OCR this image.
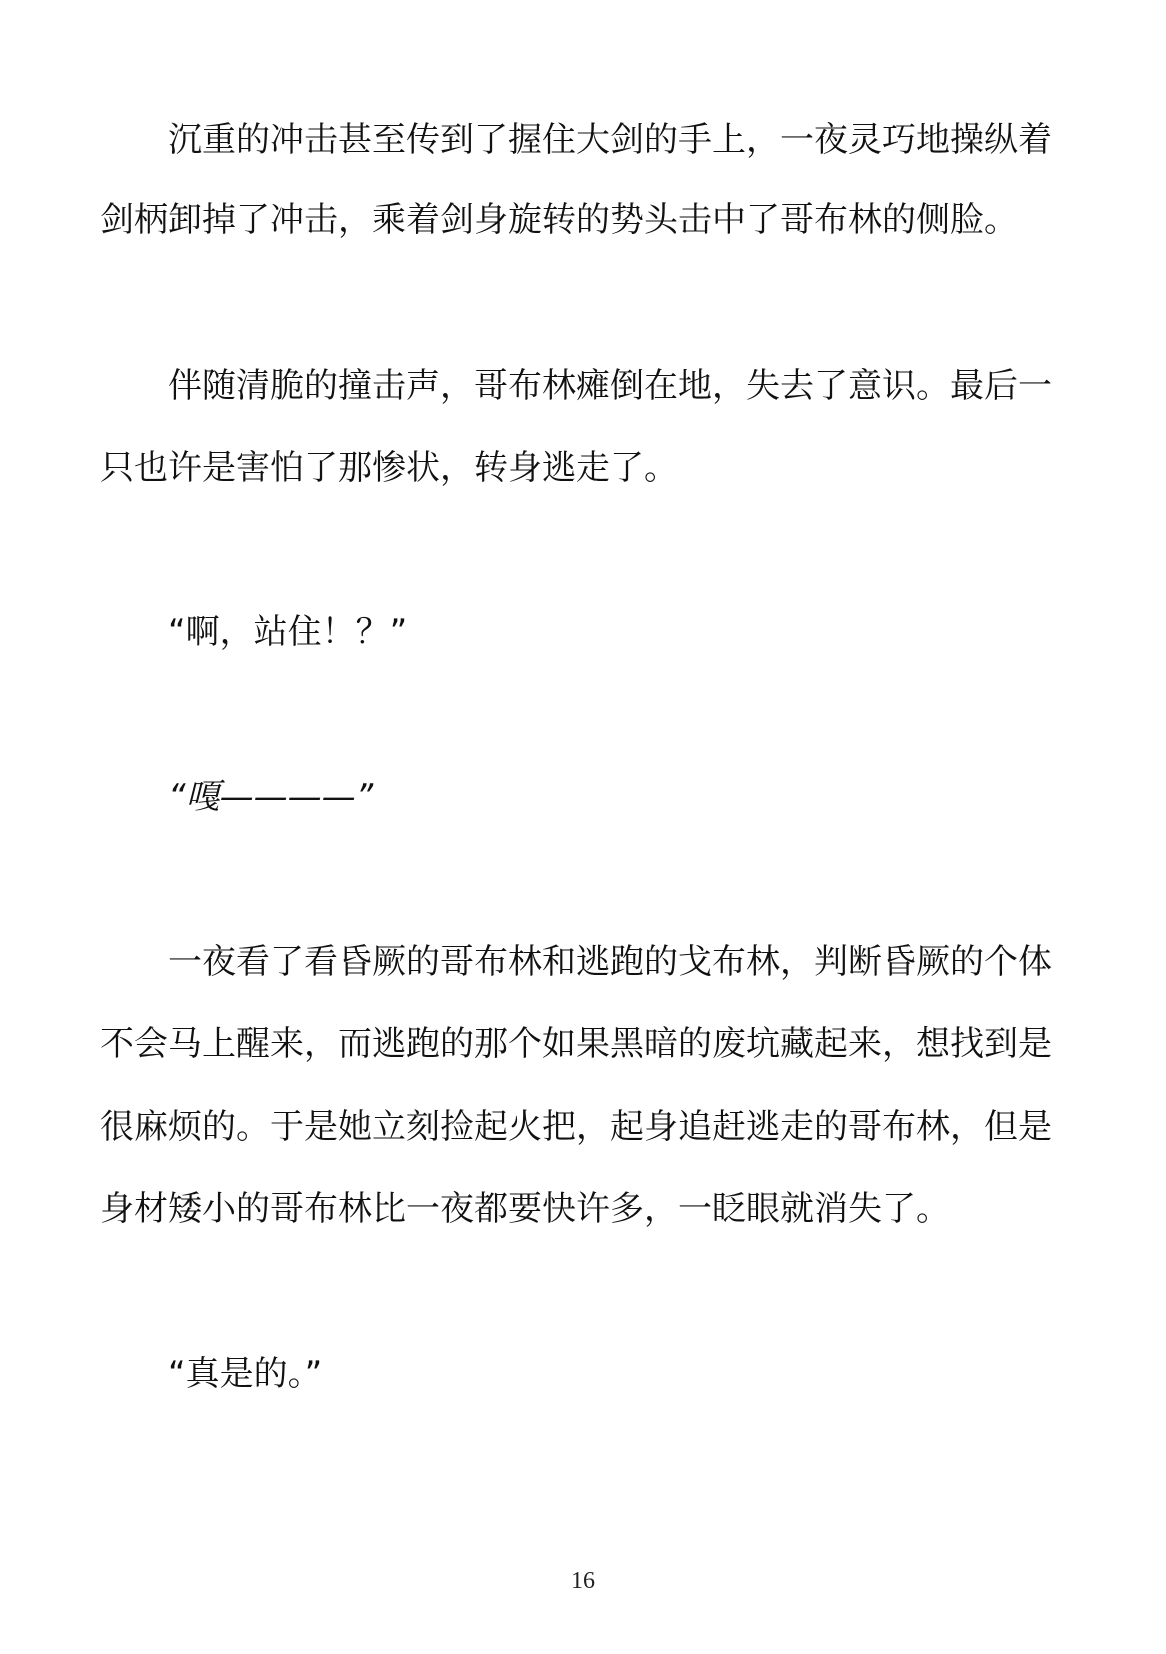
沉重的冲击甚至传到了握住大剑的手上，一夜灵巧地操纵着
剑柄卸掉了冲击，乘着剑身旋转的势头击中了哥布林的侧脸。
伴随清脆的撞击声，哥布林瘫倒在地，失去了意识。最后一
只也许是害怕了那惨状，转身逃走了。
“啊，站住！？”
“嘎————”
一夜看了看昏厥的哥布林和逃跑的戈布林，判断昏厥的个体
不会马上醒来，而逃跑的那个如果黑暗的废坑藏起来，想找到是
很麻烦的。于是她立刻捡起火把，起身追赶逃走的哥布林，但是
身材矮小的哥布林比一夜都要快许多，一眨眼就消失了。
“真是的。”
16
